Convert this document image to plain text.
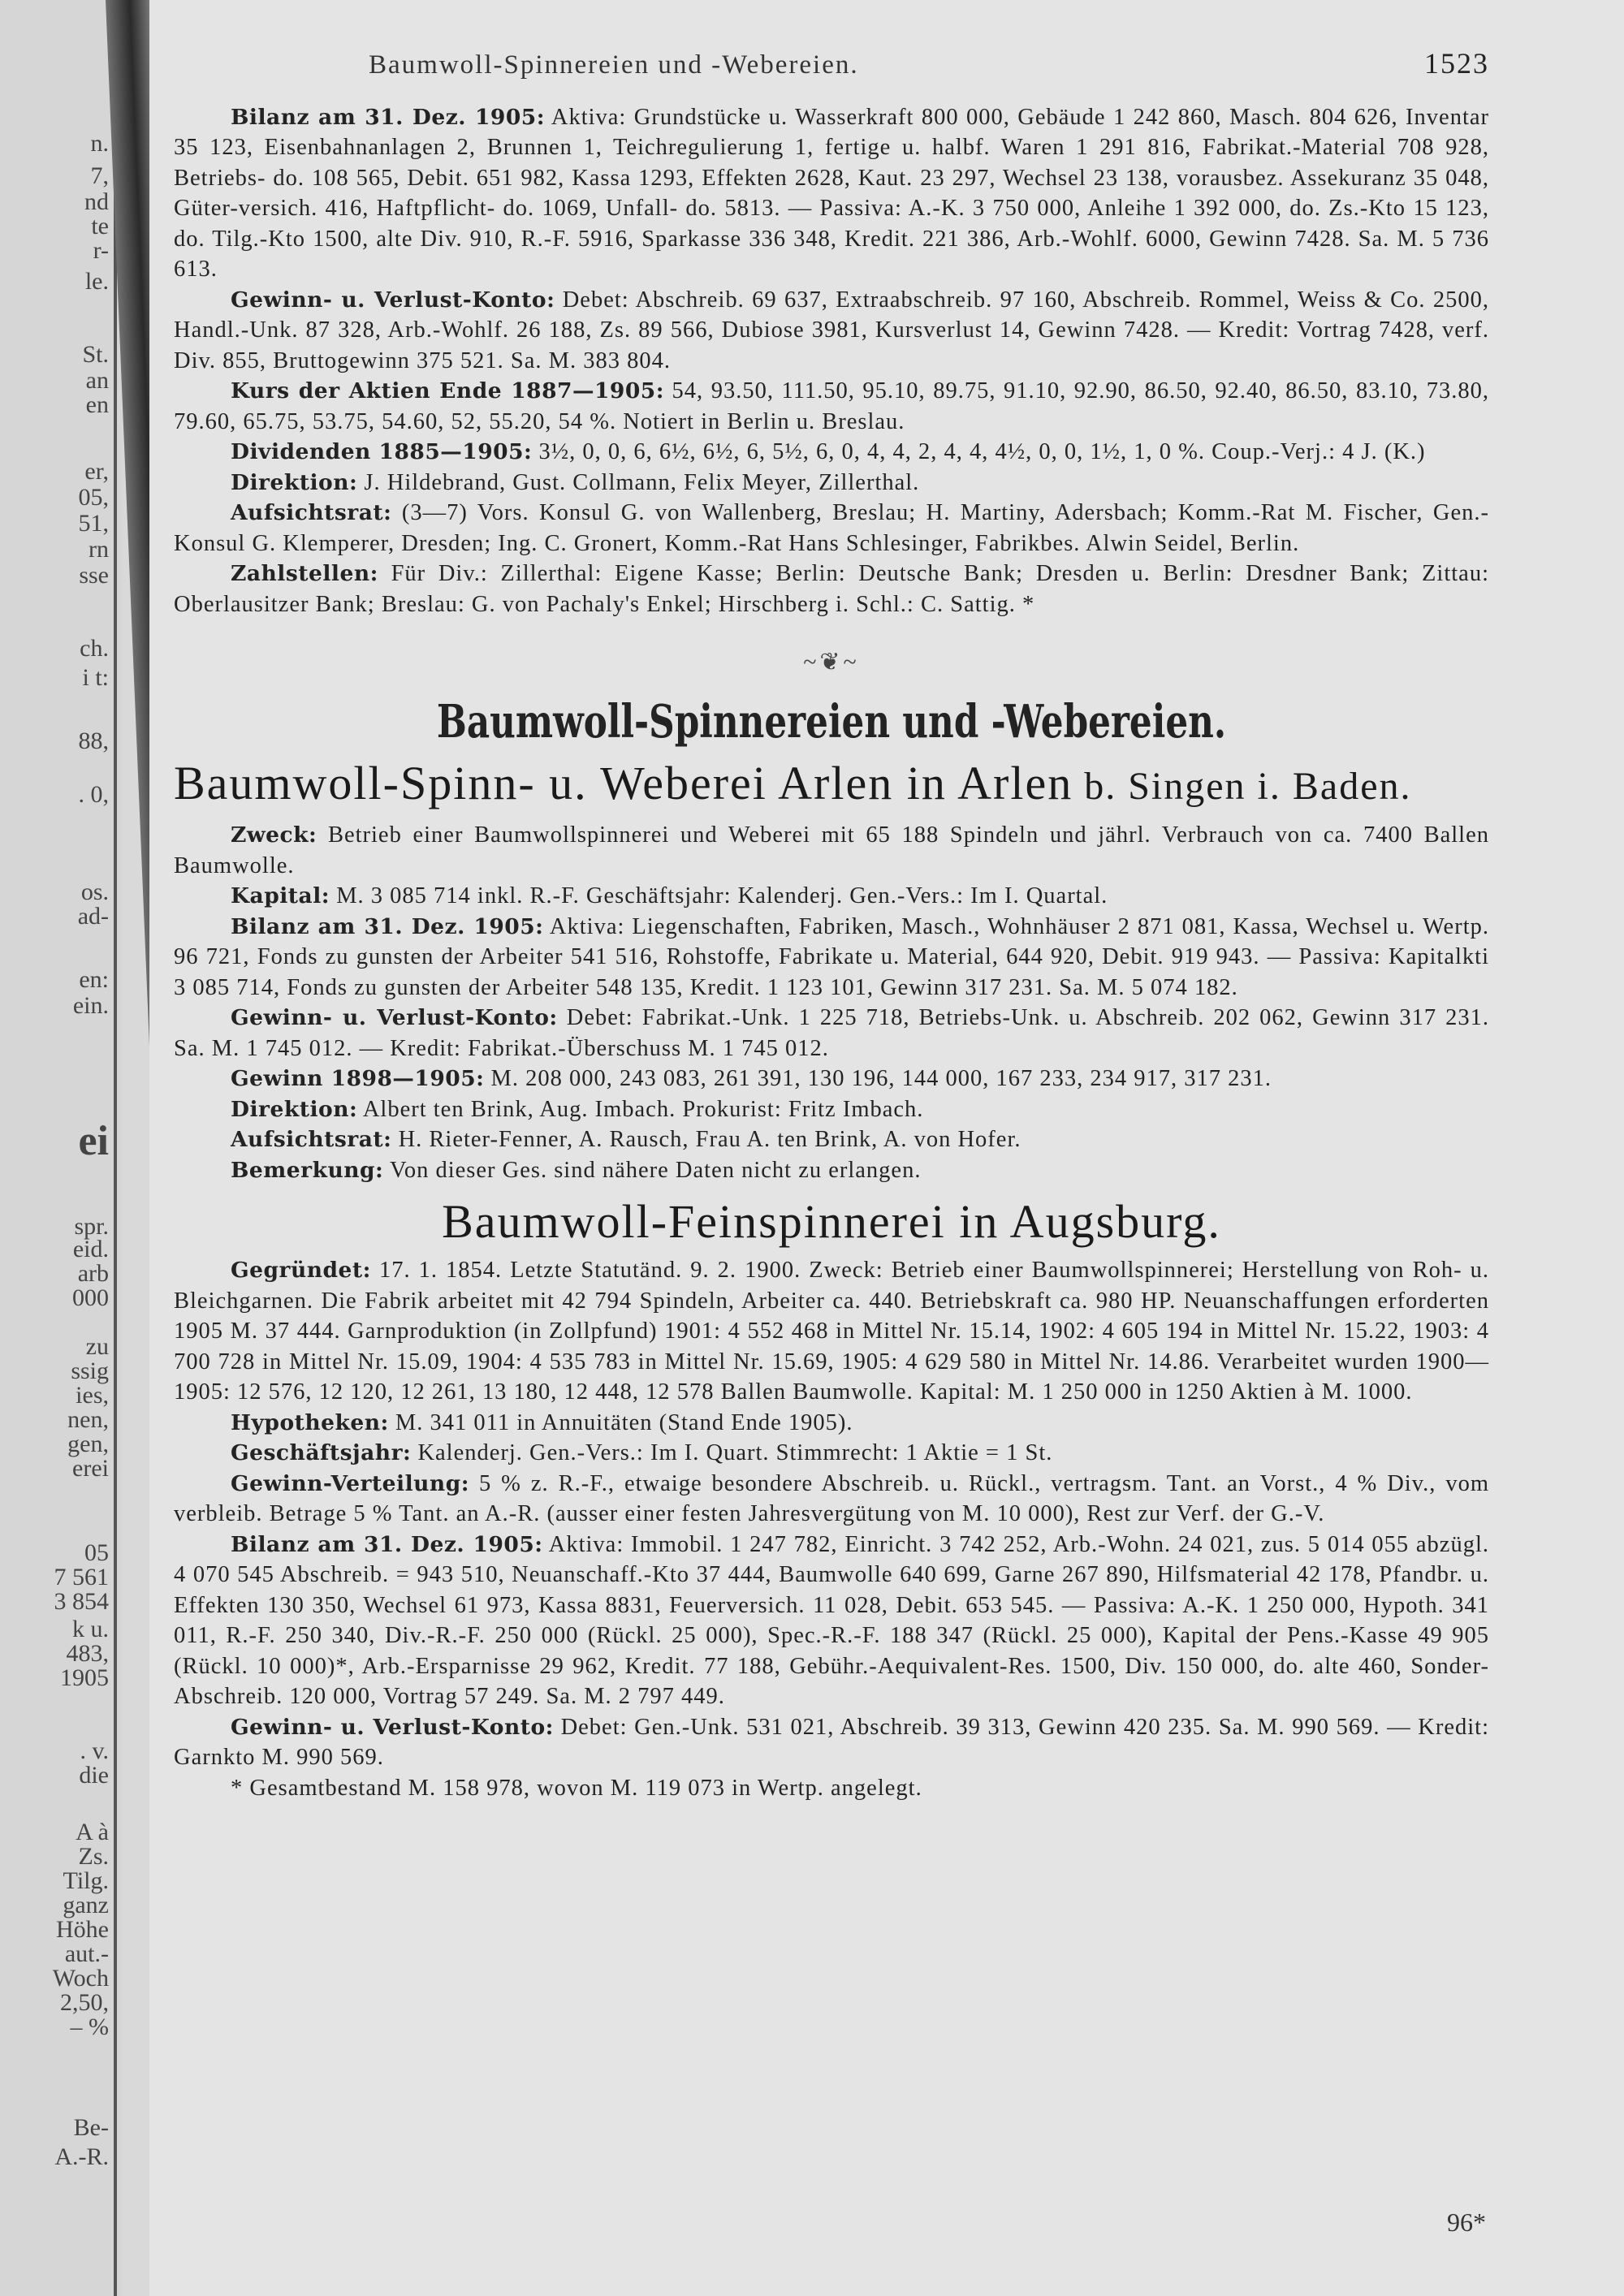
n.
7,
nd
te
r-
le.
St.
an
en
er,
05,
51,
rn
sse
ch.
i t:
88,
. 0,
os.
ad-
en:
ein.
ei
spr.
eid.
arb
000
zu
ssig
ies,
nen,
gen,
erei
05
7 561
3 854
k u.
483,
1905
. v.
die
A à
Zs.
Tilg.
ganz
Höhe
aut.-
Woch
2,50,
– %
Be-
A.-R.
Baumwoll-Spinnereien und -Webereien.	1523

Bilanz am 31. Dez. 1905: Aktiva: Grundstücke u. Wasserkraft 800 000, Gebäude 1 242 860, Masch. 804 626, Inventar 35 123, Eisenbahnanlagen 2, Brunnen 1, Teichregulierung 1, fertige u. halbf. Waren 1 291 816, Fabrikat.-Material 708 928, Betriebs- do. 108 565, Debit. 651 982, Kassa 1293, Effekten 2628, Kaut. 23 297, Wechsel 23 138, vorausbez. Assekuranz 35 048, Güter-versich. 416, Haftpflicht- do. 1069, Unfall- do. 5813. — Passiva: A.-K. 3 750 000, Anleihe 1 392 000, do. Zs.-Kto 15 123, do. Tilg.-Kto 1500, alte Div. 910, R.-F. 5916, Sparkasse 336 348, Kredit. 221 386, Arb.-Wohlf. 6000, Gewinn 7428. Sa. M. 5 736 613.

Gewinn- u. Verlust-Konto: Debet: Abschreib. 69 637, Extraabschreib. 97 160, Abschreib. Rommel, Weiss & Co. 2500, Handl.-Unk. 87 328, Arb.-Wohlf. 26 188, Zs. 89 566, Dubiose 3981, Kursverlust 14, Gewinn 7428. — Kredit: Vortrag 7428, verf. Div. 855, Bruttogewinn 375 521. Sa. M. 383 804.

Kurs der Aktien Ende 1887—1905: 54, 93.50, 111.50, 95.10, 89.75, 91.10, 92.90, 86.50, 92.40, 86.50, 83.10, 73.80, 79.60, 65.75, 53.75, 54.60, 52, 55.20, 54 %. Notiert in Berlin u. Breslau.

Dividenden 1885—1905: 3½, 0, 0, 6, 6½, 6½, 6, 5½, 6, 0, 4, 4, 2, 4, 4, 4½, 0, 0, 1½, 1, 0 %. Coup.-Verj.: 4 J. (K.)

Direktion: J. Hildebrand, Gust. Collmann, Felix Meyer, Zillerthal.

Aufsichtsrat: (3—7) Vors. Konsul G. von Wallenberg, Breslau; H. Martiny, Adersbach; Komm.-Rat M. Fischer, Gen.-Konsul G. Klemperer, Dresden; Ing. C. Gronert, Komm.-Rat Hans Schlesinger, Fabrikbes. Alwin Seidel, Berlin.

Zahlstellen: Für Div.: Zillerthal: Eigene Kasse; Berlin: Deutsche Bank; Dresden u. Berlin: Dresdner Bank; Zittau: Oberlausitzer Bank; Breslau: G. von Pachaly's Enkel; Hirschberg i. Schl.: C. Sattig. *

~❦~
Baumwoll-Spinnereien und -Webereien.
Baumwoll-Spinn- u. Weberei Arlen in Arlen b. Singen i. Baden.

Zweck: Betrieb einer Baumwollspinnerei und Weberei mit 65 188 Spindeln und jährl. Verbrauch von ca. 7400 Ballen Baumwolle.

Kapital: M. 3 085 714 inkl. R.-F. Geschäftsjahr: Kalenderj. Gen.-Vers.: Im I. Quartal.

Bilanz am 31. Dez. 1905: Aktiva: Liegenschaften, Fabriken, Masch., Wohnhäuser 2 871 081, Kassa, Wechsel u. Wertp. 96 721, Fonds zu gunsten der Arbeiter 541 516, Rohstoffe, Fabrikate u. Material, 644 920, Debit. 919 943. — Passiva: Kapitalkti 3 085 714, Fonds zu gunsten der Arbeiter 548 135, Kredit. 1 123 101, Gewinn 317 231. Sa. M. 5 074 182.

Gewinn- u. Verlust-Konto: Debet: Fabrikat.-Unk. 1 225 718, Betriebs-Unk. u. Abschreib. 202 062, Gewinn 317 231. Sa. M. 1 745 012. — Kredit: Fabrikat.-Überschuss M. 1 745 012.

Gewinn 1898—1905: M. 208 000, 243 083, 261 391, 130 196, 144 000, 167 233, 234 917, 317 231.

Direktion: Albert ten Brink, Aug. Imbach. Prokurist: Fritz Imbach.

Aufsichtsrat: H. Rieter-Fenner, A. Rausch, Frau A. ten Brink, A. von Hofer.

Bemerkung: Von dieser Ges. sind nähere Daten nicht zu erlangen.

Baumwoll-Feinspinnerei in Augsburg.

Gegründet: 17. 1. 1854. Letzte Statutänd. 9. 2. 1900. Zweck: Betrieb einer Baumwollspinnerei; Herstellung von Roh- u. Bleichgarnen. Die Fabrik arbeitet mit 42 794 Spindeln, Arbeiter ca. 440. Betriebskraft ca. 980 HP. Neuanschaffungen erforderten 1905 M. 37 444. Garnproduktion (in Zollpfund) 1901: 4 552 468 in Mittel Nr. 15.14, 1902: 4 605 194 in Mittel Nr. 15.22, 1903: 4 700 728 in Mittel Nr. 15.09, 1904: 4 535 783 in Mittel Nr. 15.69, 1905: 4 629 580 in Mittel Nr. 14.86. Verarbeitet wurden 1900—1905: 12 576, 12 120, 12 261, 13 180, 12 448, 12 578 Ballen Baumwolle. Kapital: M. 1 250 000 in 1250 Aktien à M. 1000.

Hypotheken: M. 341 011 in Annuitäten (Stand Ende 1905).

Geschäftsjahr: Kalenderj. Gen.-Vers.: Im I. Quart. Stimmrecht: 1 Aktie = 1 St.

Gewinn-Verteilung: 5 % z. R.-F., etwaige besondere Abschreib. u. Rückl., vertragsm. Tant. an Vorst., 4 % Div., vom verbleib. Betrage 5 % Tant. an A.-R. (ausser einer festen Jahresvergütung von M. 10 000), Rest zur Verf. der G.-V.

Bilanz am 31. Dez. 1905: Aktiva: Immobil. 1 247 782, Einricht. 3 742 252, Arb.-Wohn. 24 021, zus. 5 014 055 abzügl. 4 070 545 Abschreib. = 943 510, Neuanschaff.-Kto 37 444, Baumwolle 640 699, Garne 267 890, Hilfsmaterial 42 178, Pfandbr. u. Effekten 130 350, Wechsel 61 973, Kassa 8831, Feuerversich. 11 028, Debit. 653 545. — Passiva: A.-K. 1 250 000, Hypoth. 341 011, R.-F. 250 340, Div.-R.-F. 250 000 (Rückl. 25 000), Spec.-R.-F. 188 347 (Rückl. 25 000), Kapital der Pens.-Kasse 49 905 (Rückl. 10 000)*, Arb.-Ersparnisse 29 962, Kredit. 77 188, Gebühr.-Aequivalent-Res. 1500, Div. 150 000, do. alte 460, Sonder-Abschreib. 120 000, Vortrag 57 249. Sa. M. 2 797 449.

Gewinn- u. Verlust-Konto: Debet: Gen.-Unk. 531 021, Abschreib. 39 313, Gewinn 420 235. Sa. M. 990 569. — Kredit: Garnkto M. 990 569.

* Gesamtbestand M. 158 978, wovon M. 119 073 in Wertp. angelegt.

96*
